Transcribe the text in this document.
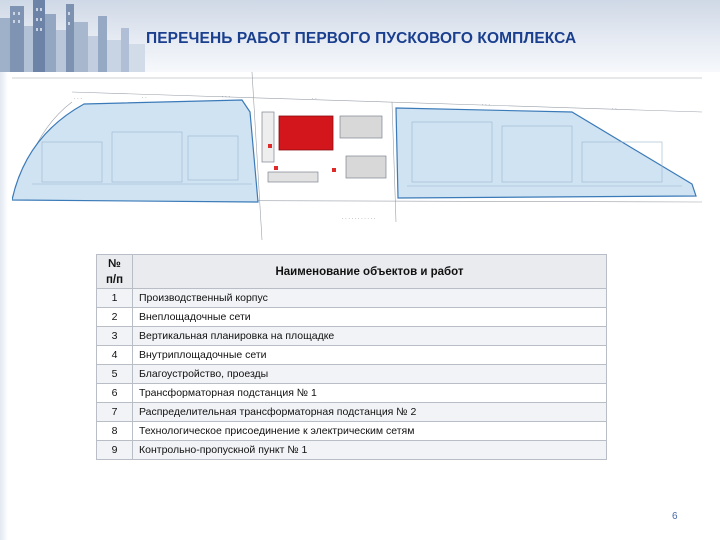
ПЕРЕЧЕНЬ РАБОТ ПЕРВОГО ПУСКОВОГО КОМПЛЕКСА
· · ·	· ·	· · ·	· ·
· · ·
· ·
· · · · · · · · · · ·
№ п/п	Наименование объектов и работ
1	Производственный корпус
2	Внеплощадочные сети
3	Вертикальная планировка на площадке
4	Внутриплощадочные сети
5	Благоустройство, проезды
6	Трансформаторная подстанция № 1
7	Распределительная трансформаторная подстанция № 2
8	Технологическое присоединение к электрическим сетям
9	Контрольно-пропускной пункт № 1
6
